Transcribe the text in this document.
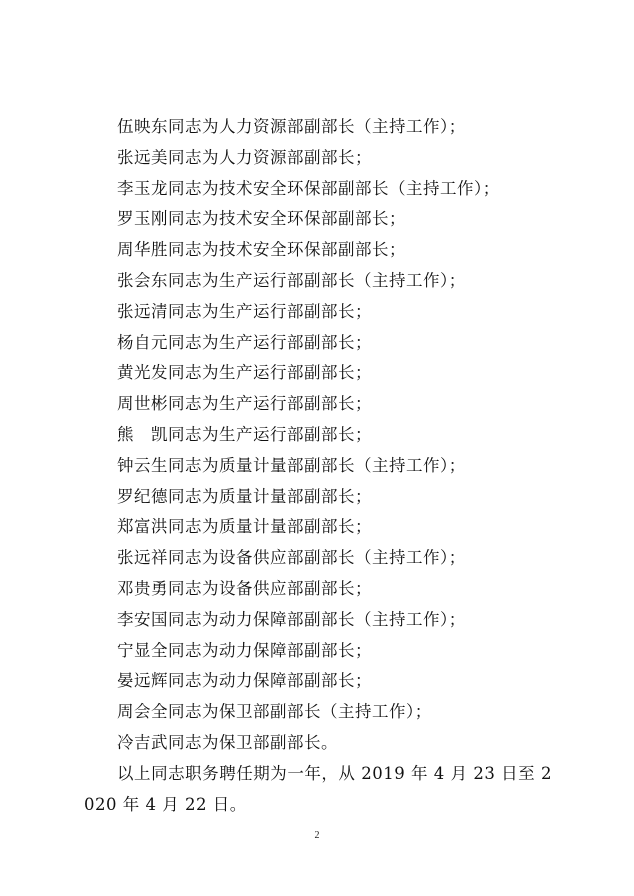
伍映东同志为人力资源部副部长（主持工作）；
张远美同志为人力资源部副部长；
李玉龙同志为技术安全环保部副部长（主持工作）；
罗玉刚同志为技术安全环保部副部长；
周华胜同志为技术安全环保部副部长；
张会东同志为生产运行部副部长（主持工作）；
张远清同志为生产运行部副部长；
杨自元同志为生产运行部副部长；
黄光发同志为生产运行部副部长；
周世彬同志为生产运行部副部长；
熊　凯同志为生产运行部副部长；
钟云生同志为质量计量部副部长（主持工作）；
罗纪德同志为质量计量部副部长；
郑富洪同志为质量计量部副部长；
张远祥同志为设备供应部副部长（主持工作）；
邓贵勇同志为设备供应部副部长；
李安国同志为动力保障部副部长（主持工作）；
宁显全同志为动力保障部副部长；
晏远辉同志为动力保障部副部长；
周会全同志为保卫部副部长（主持工作）；
冷吉武同志为保卫部副部长。
以上同志职务聘任期为一年，从 2019 年 4 月 23 日至 2020 年 4 月 22 日。
2
